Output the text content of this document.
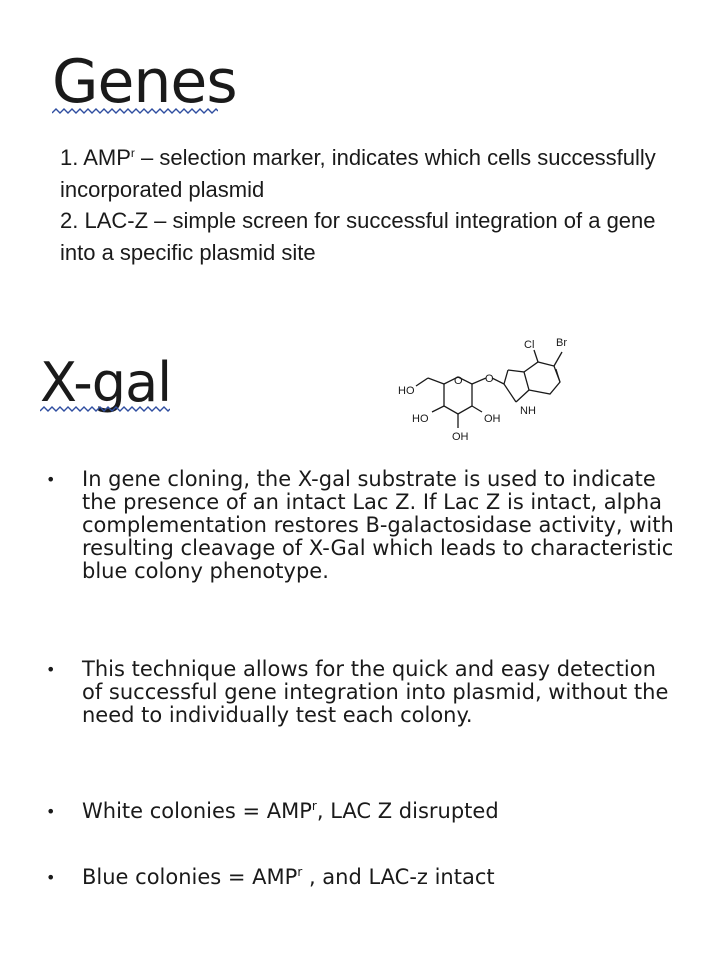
Genes
1. AMP$^r$ – selection marker, indicates which cells successfully incorporated plasmid
2. LAC-Z – simple screen for successful integration of a gene into a specific plasmid site
X-gal
Cl Br
HO
O O
NH
HO	OH
OH
• In gene cloning, the X-gal substrate is used to indicate the presence of an intact Lac Z. If Lac Z is intact, alpha complementation restores B-galactosidase activity, with resulting cleavage of X-Gal which leads to characteristic blue colony phenotype.
• This technique allows for the quick and easy detection of successful gene integration into plasmid, without the need to individually test each colony.
• White colonies = $AMP^r$, LAC Z disrupted
• Blue colonies = $AMP^r$ , and LAC-z intact
